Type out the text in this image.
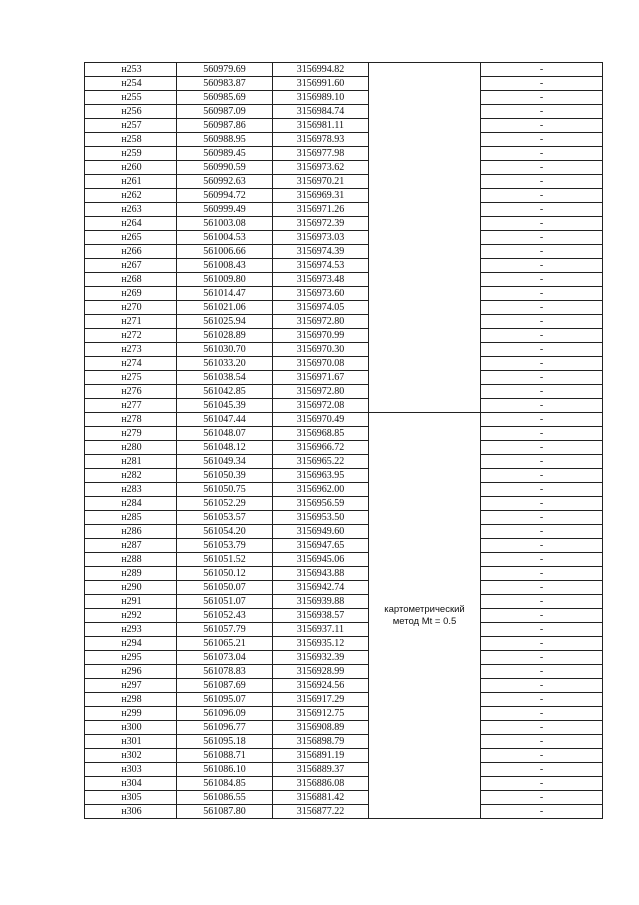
н253	560979.69	3156994.82		-
н254	560983.87	3156991.60		-
н255	560985.69	3156989.10		-
н256	560987.09	3156984.74		-
н257	560987.86	3156981.11		-
н258	560988.95	3156978.93		-
н259	560989.45	3156977.98		-
н260	560990.59	3156973.62		-
н261	560992.63	3156970.21		-
н262	560994.72	3156969.31		-
н263	560999.49	3156971.26		-
н264	561003.08	3156972.39		-
н265	561004.53	3156973.03		-
н266	561006.66	3156974.39		-
н267	561008.43	3156974.53		-
н268	561009.80	3156973.48		-
н269	561014.47	3156973.60		-
н270	561021.06	3156974.05		-
н271	561025.94	3156972.80		-
н272	561028.89	3156970.99		-
н273	561030.70	3156970.30		-
н274	561033.20	3156970.08		-
н275	561038.54	3156971.67		-
н276	561042.85	3156972.80		-
н277	561045.39	3156972.08		-
н278	561047.44	3156970.49	картометрический
метод Mt = 0.5	-
н279	561048.07	3156968.85		-
н280	561048.12	3156966.72		-
н281	561049.34	3156965.22		-
н282	561050.39	3156963.95		-
н283	561050.75	3156962.00		-
н284	561052.29	3156956.59		-
н285	561053.57	3156953.50		-
н286	561054.20	3156949.60		-
н287	561053.79	3156947.65		-
н288	561051.52	3156945.06		-
н289	561050.12	3156943.88		-
н290	561050.07	3156942.74		-
н291	561051.07	3156939.88		-
н292	561052.43	3156938.57		-
н293	561057.79	3156937.11		-
н294	561065.21	3156935.12		-
н295	561073.04	3156932.39		-
н296	561078.83	3156928.99		-
н297	561087.69	3156924.56		-
н298	561095.07	3156917.29		-
н299	561096.09	3156912.75		-
н300	561096.77	3156908.89		-
н301	561095.18	3156898.79		-
н302	561088.71	3156891.19		-
н303	561086.10	3156889.37		-
н304	561084.85	3156886.08		-
н305	561086.55	3156881.42		-
н306	561087.80	3156877.22		-
